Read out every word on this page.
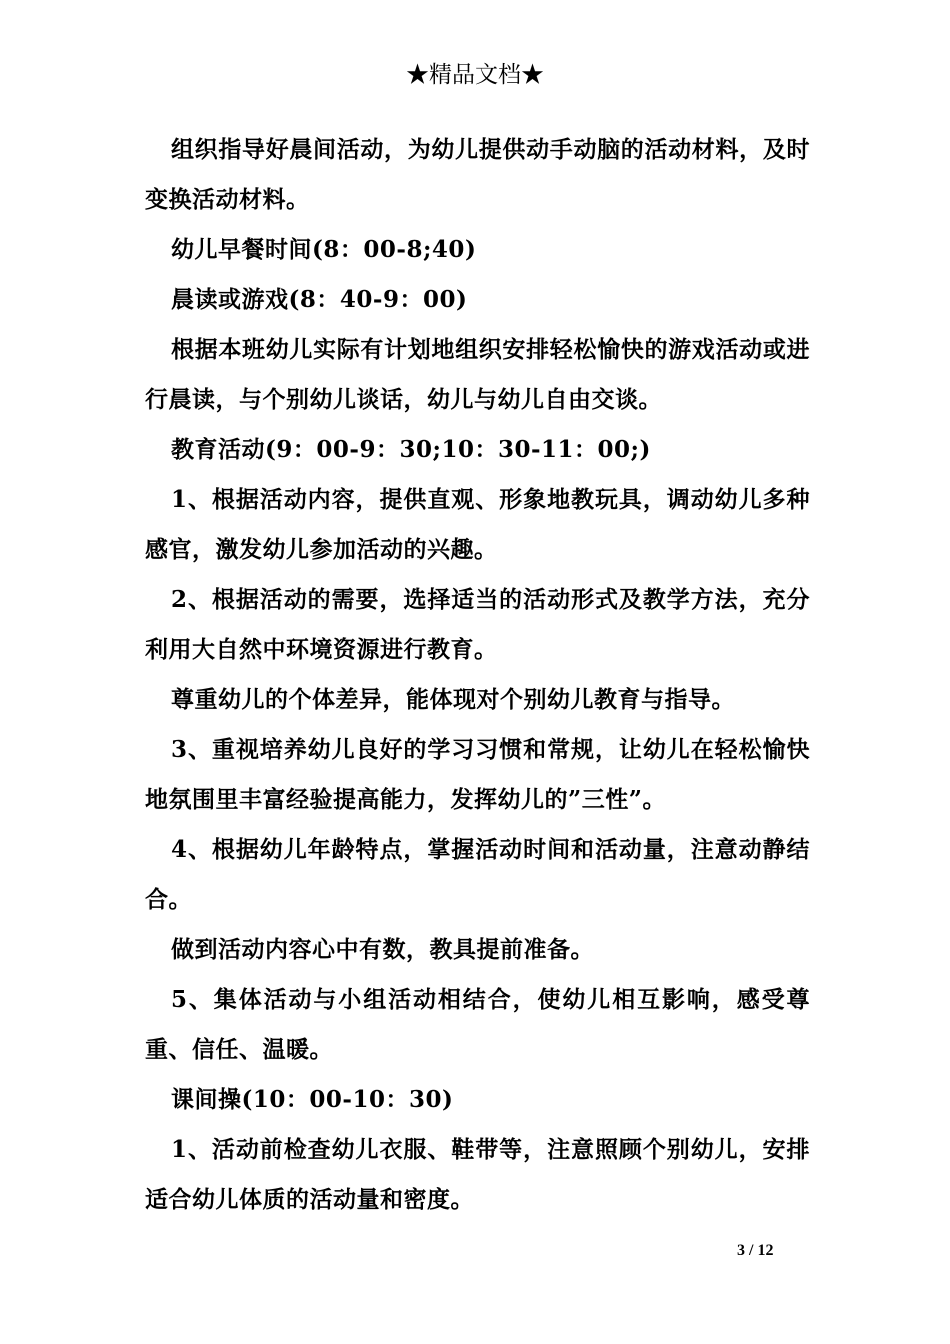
★精品文档★

组织指导好晨间活动，为幼儿提供动手动脑的活动材料，及时变换活动材料。

幼儿早餐时间(8：00-8;40)

晨读或游戏(8：40-9：00)

根据本班幼儿实际有计划地组织安排轻松愉快的游戏活动或进行晨读，与个别幼儿谈话，幼儿与幼儿自由交谈。

教育活动(9：00-9：30;10：30-11：00;)

1、根据活动内容，提供直观、形象地教玩具，调动幼儿多种感官，激发幼儿参加活动的兴趣。

2、根据活动的需要，选择适当的活动形式及教学方法，充分利用大自然中环境资源进行教育。

尊重幼儿的个体差异，能体现对个别幼儿教育与指导。

3、重视培养幼儿良好的学习习惯和常规，让幼儿在轻松愉快地氛围里丰富经验提高能力，发挥幼儿的”三性”。

4、根据幼儿年龄特点，掌握活动时间和活动量，注意动静结合。

做到活动内容心中有数，教具提前准备。

5、集体活动与小组活动相结合，使幼儿相互影响，感受尊重、信任、温暖。

课间操(10：00-10：30)

1、活动前检查幼儿衣服、鞋带等，注意照顾个别幼儿，安排适合幼儿体质的活动量和密度。

3 / 12
